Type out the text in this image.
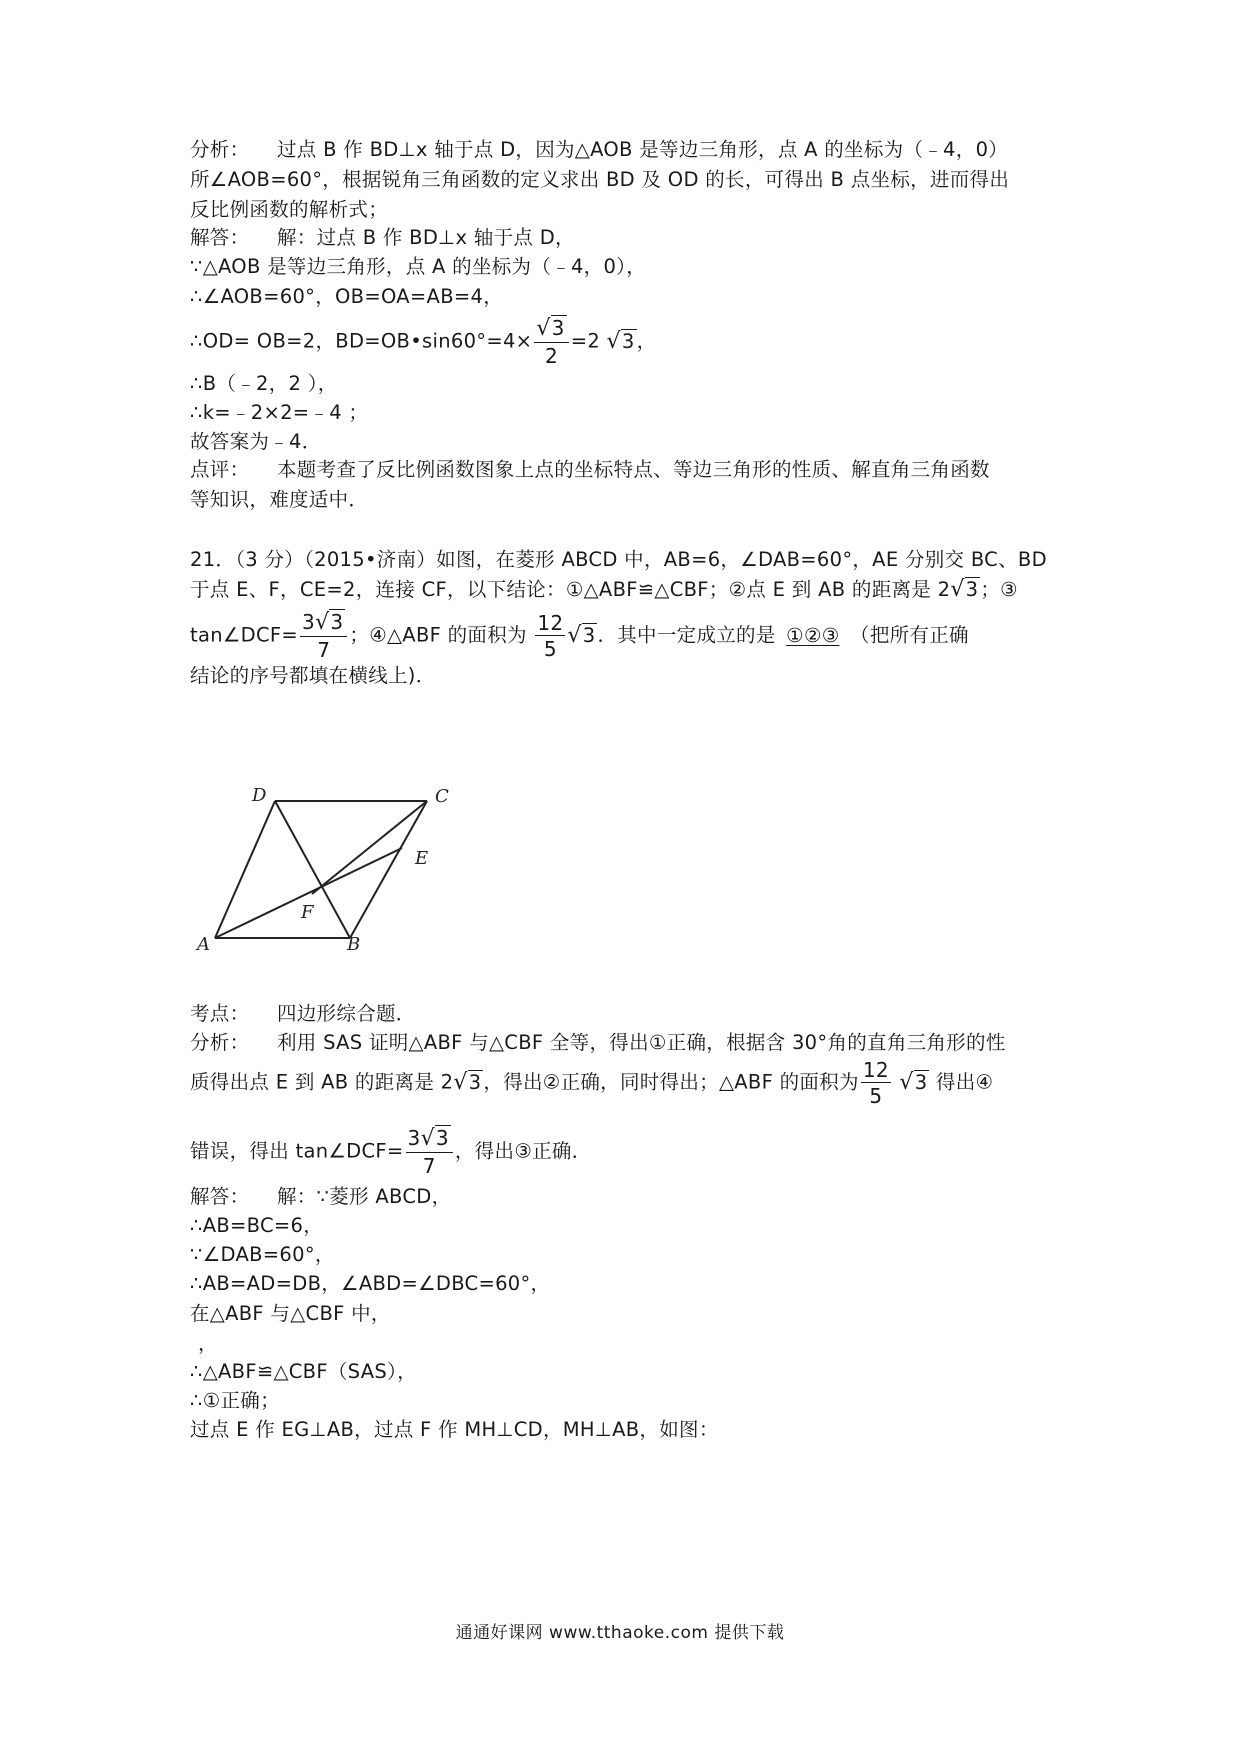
分析： 过点 B 作 BD⊥x 轴于点 D，因为△AOB 是等边三角形，点 A 的坐标为（﹣4，0）
所∠AOB=60°，根据锐角三角函数的定义求出 BD 及 OD 的长，可得出 B 点坐标，进而得出
反比例函数的解析式；
解答： 解：过点 B 作 BD⊥x 轴于点 D，
∵△AOB 是等边三角形，点 A 的坐标为（﹣4，0），
∴∠AOB=60°，OB=OA=AB=4，
∴OD= OB=2，BD=OB•sin60°=4× $\frac{√3}{2} =2$ √3 ，
∴B（﹣2，2 ），
∴k=﹣2×2=﹣4 ；
故答案为﹣4．
点评： 本题考查了反比例函数图象上点的坐标特点、等边三角形的性质、解直角三角函数
等知识，难度适中．
21．（3 分）（2015•济南）如图，在菱形 ABCD 中，AB=6，∠DAB=60°，AE 分别交 BC、BD
于点 E、F，CE=2，连接 CF，以下结论：①△ABF≌△CBF；②点 E 到 AB 的距离是 2√3 ；③
tan∠DCF= $\frac{3√3}{7}$ ；④△ABF 的面积为 $\frac{12}{5} √3$ ．其中一定成立的是 ①②③ （把所有正确
结论的序号都填在横线上)．
A	B
C
D
E
F
考点： 四边形综合题．
分析： 利用 SAS 证明△ABF 与△CBF 全等，得出①正确，根据含 30°角的直角三角形的性
质得出点 E 到 AB 的距离是 2√3 ，得出②正确，同时得出；△ABF 的面积为 $\frac{12}{5} √3$ 得出④
错误，得出 tan∠DCF= $\frac{3√3}{7}$ ，得出③正确．
解答： 解：∵菱形 ABCD，
∴AB=BC=6，
∵∠DAB=60°，
∴AB=AD=DB，∠ABD=∠DBC=60°，
在△ABF 与△CBF 中，
，
∴△ABF≌△CBF（SAS），
∴①正确；
过点 E 作 EG⊥AB，过点 F 作 MH⊥CD，MH⊥AB，如图：
通通好课网 www.tthaoke.com 提供下载
